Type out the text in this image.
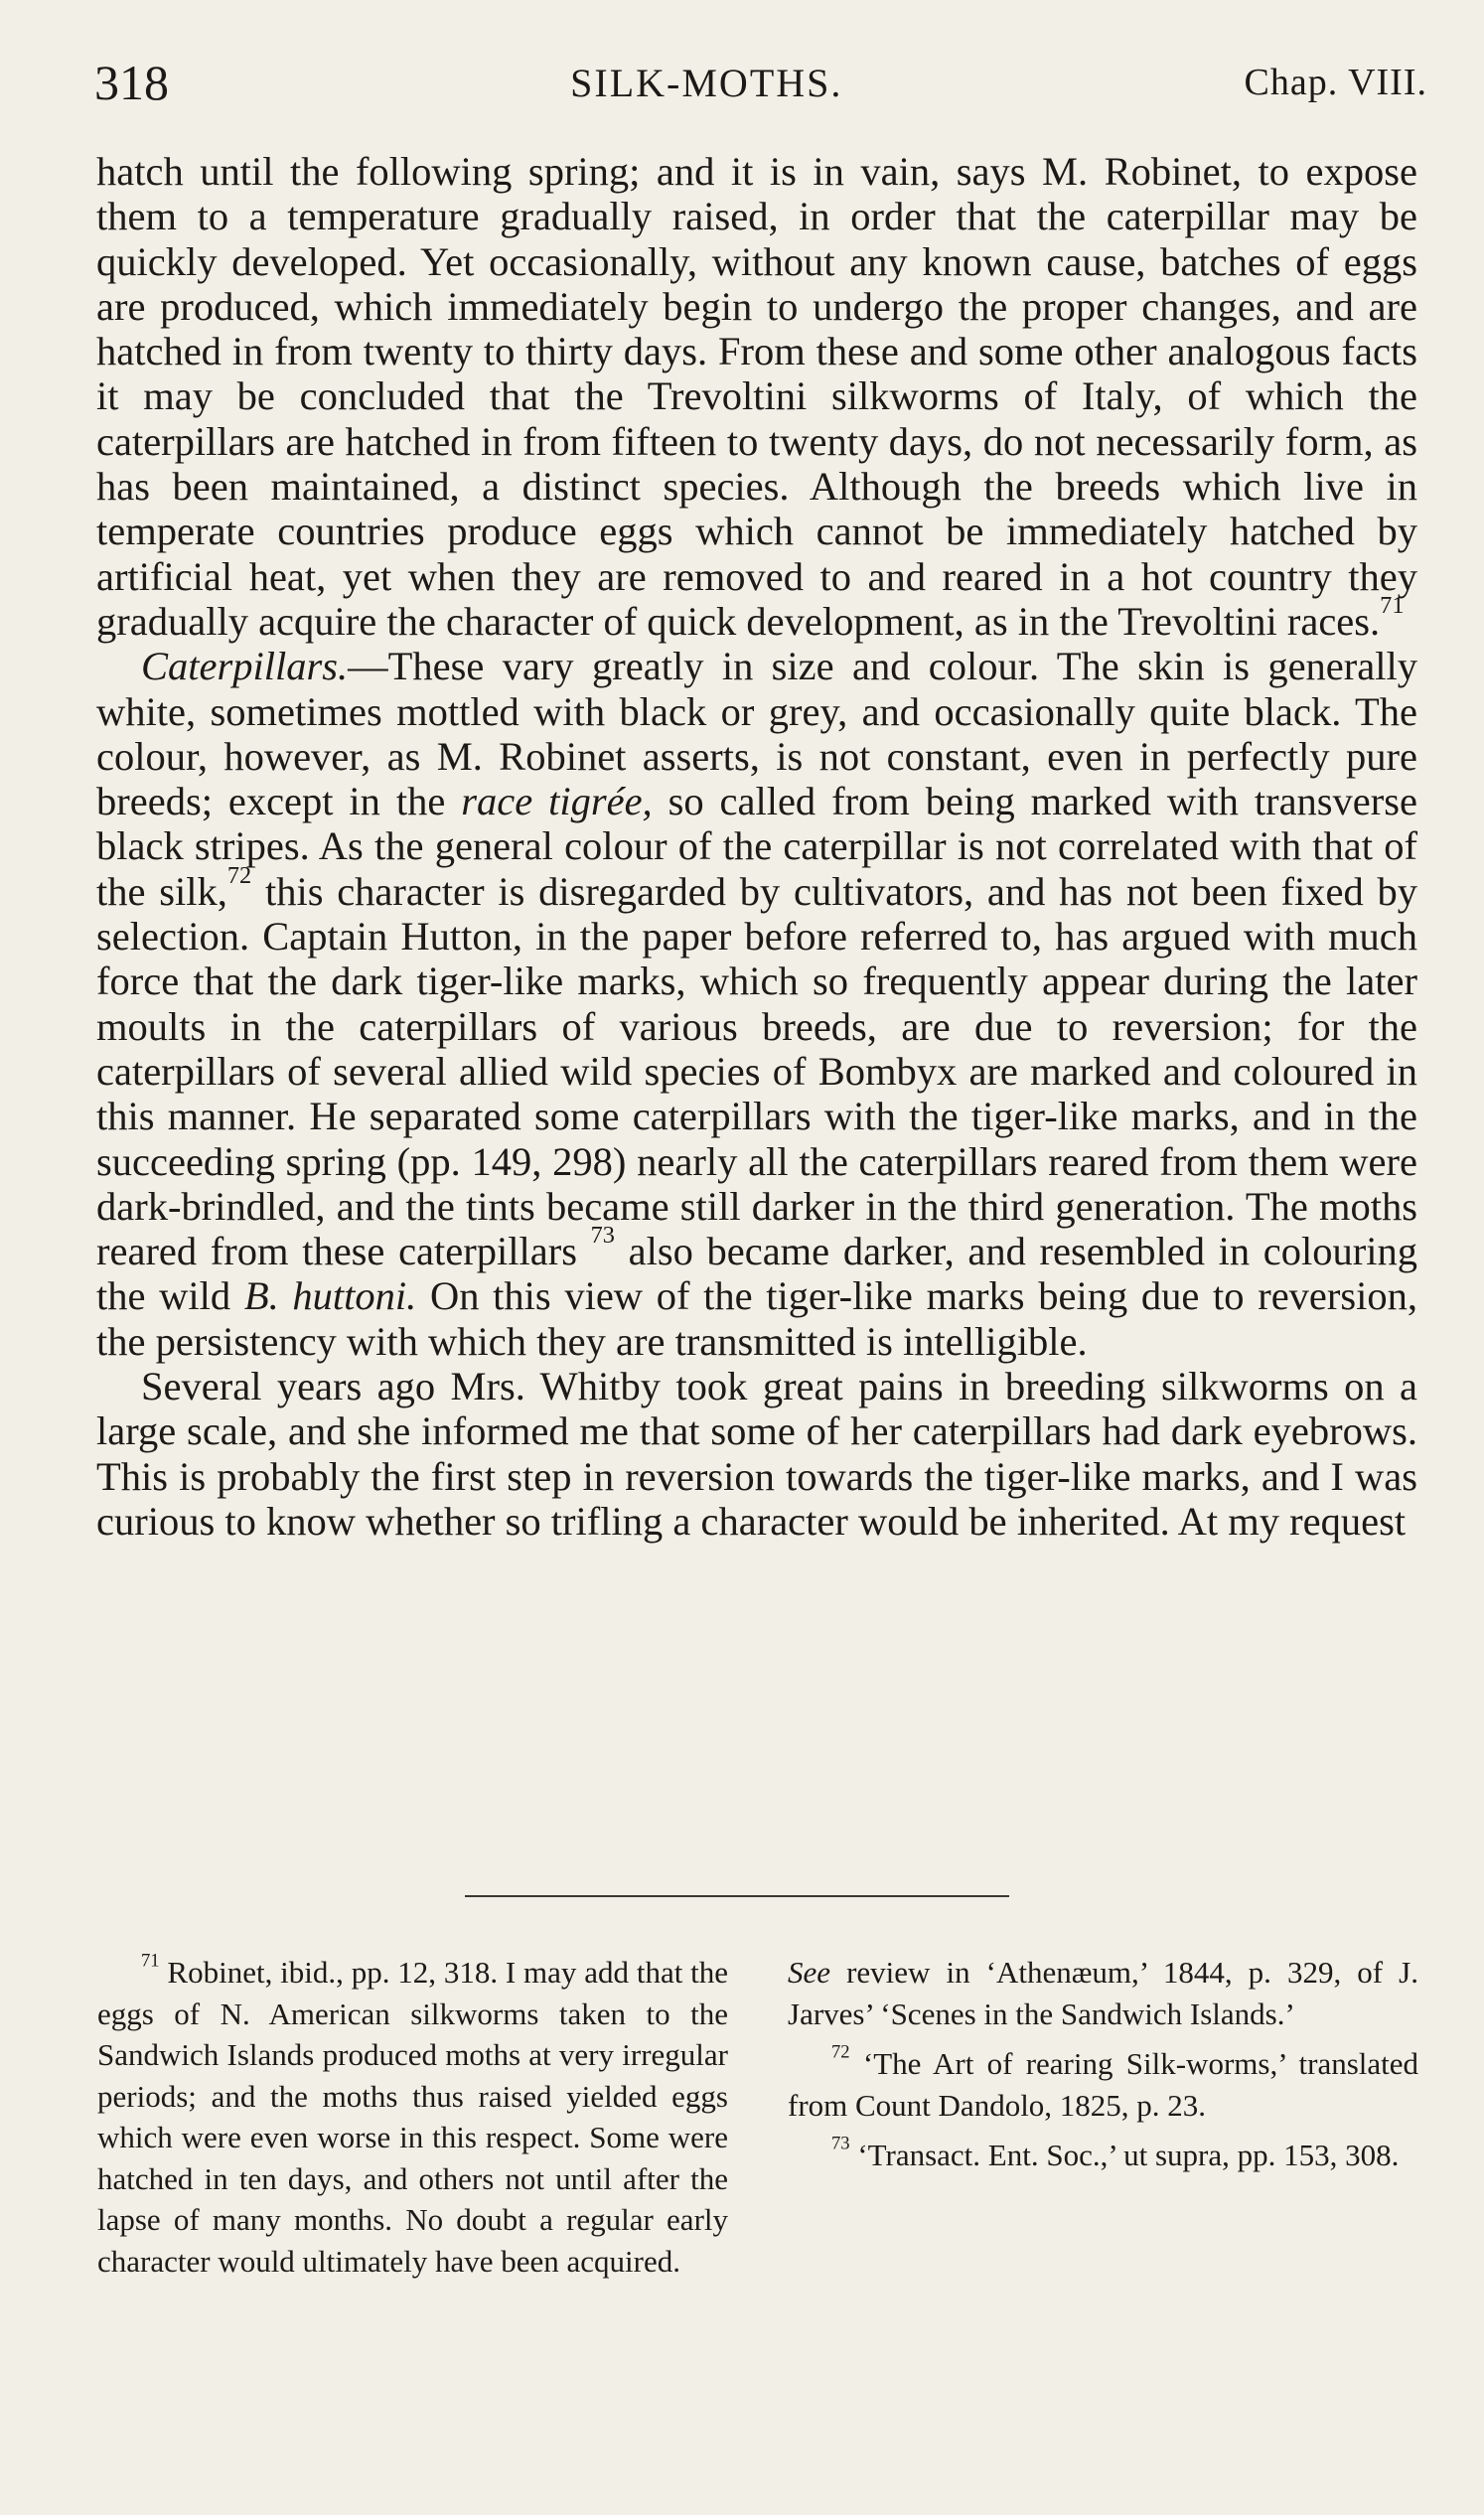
318	SILK-MOTHS.	Chap. VIII.

hatch until the following spring; and it is in vain, says M. Robinet, to expose them to a temperature gradually raised, in order that the caterpillar may be quickly developed. Yet occasionally, without any known cause, batches of eggs are produced, which immediately begin to undergo the proper changes, and are hatched in from twenty to thirty days. From these and some other analogous facts it may be concluded that the Trevoltini silkworms of Italy, of which the caterpillars are hatched in from fifteen to twenty days, do not necessarily form, as has been maintained, a distinct species. Although the breeds which live in temperate countries produce eggs which cannot be immediately hatched by artificial heat, yet when they are removed to and reared in a hot country they gradually acquire the character of quick development, as in the Trevoltini races.$^{71}$

Caterpillars.—These vary greatly in size and colour. The skin is generally white, sometimes mottled with black or grey, and occasionally quite black. The colour, however, as M. Robinet asserts, is not constant, even in perfectly pure breeds; except in the race tigrée, so called from being marked with transverse black stripes. As the general colour of the caterpillar is not correlated with that of the silk,$^{72}$ this character is disregarded by cultivators, and has not been fixed by selection. Captain Hutton, in the paper before referred to, has argued with much force that the dark tiger-like marks, which so frequently appear during the later moults in the caterpillars of various breeds, are due to reversion; for the caterpillars of several allied wild species of Bombyx are marked and coloured in this manner. He separated some caterpillars with the tiger-like marks, and in the succeeding spring (pp. 149, 298) nearly all the caterpillars reared from them were dark-brindled, and the tints became still darker in the third generation. The moths reared from these caterpillars $^{73}$ also became darker, and resembled in colouring the wild B. huttoni. On this view of the tiger-like marks being due to reversion, the persistency with which they are transmitted is intelligible.

Several years ago Mrs. Whitby took great pains in breeding silkworms on a large scale, and she informed me that some of her caterpillars had dark eyebrows. This is probably the first step in reversion towards the tiger-like marks, and I was curious to know whether so trifling a character would be inherited. At my request

$^{71}$ Robinet, ibid., pp. 12, 318. I may add that the eggs of N. American silkworms taken to the Sandwich Islands produced moths at very irregular periods; and the moths thus raised yielded eggs which were even worse in this respect. Some were hatched in ten days, and others not until after the lapse of many months. No doubt a regular early character would ultimately have been acquired.

See review in ‘Athenæum,’ 1844, p. 329, of J. Jarves’ ‘Scenes in the Sandwich Islands.’

$^{72}$ ‘The Art of rearing Silk-worms,’ translated from Count Dandolo, 1825, p. 23.

$^{73}$ ‘Transact. Ent. Soc.,’ ut supra, pp. 153, 308.
